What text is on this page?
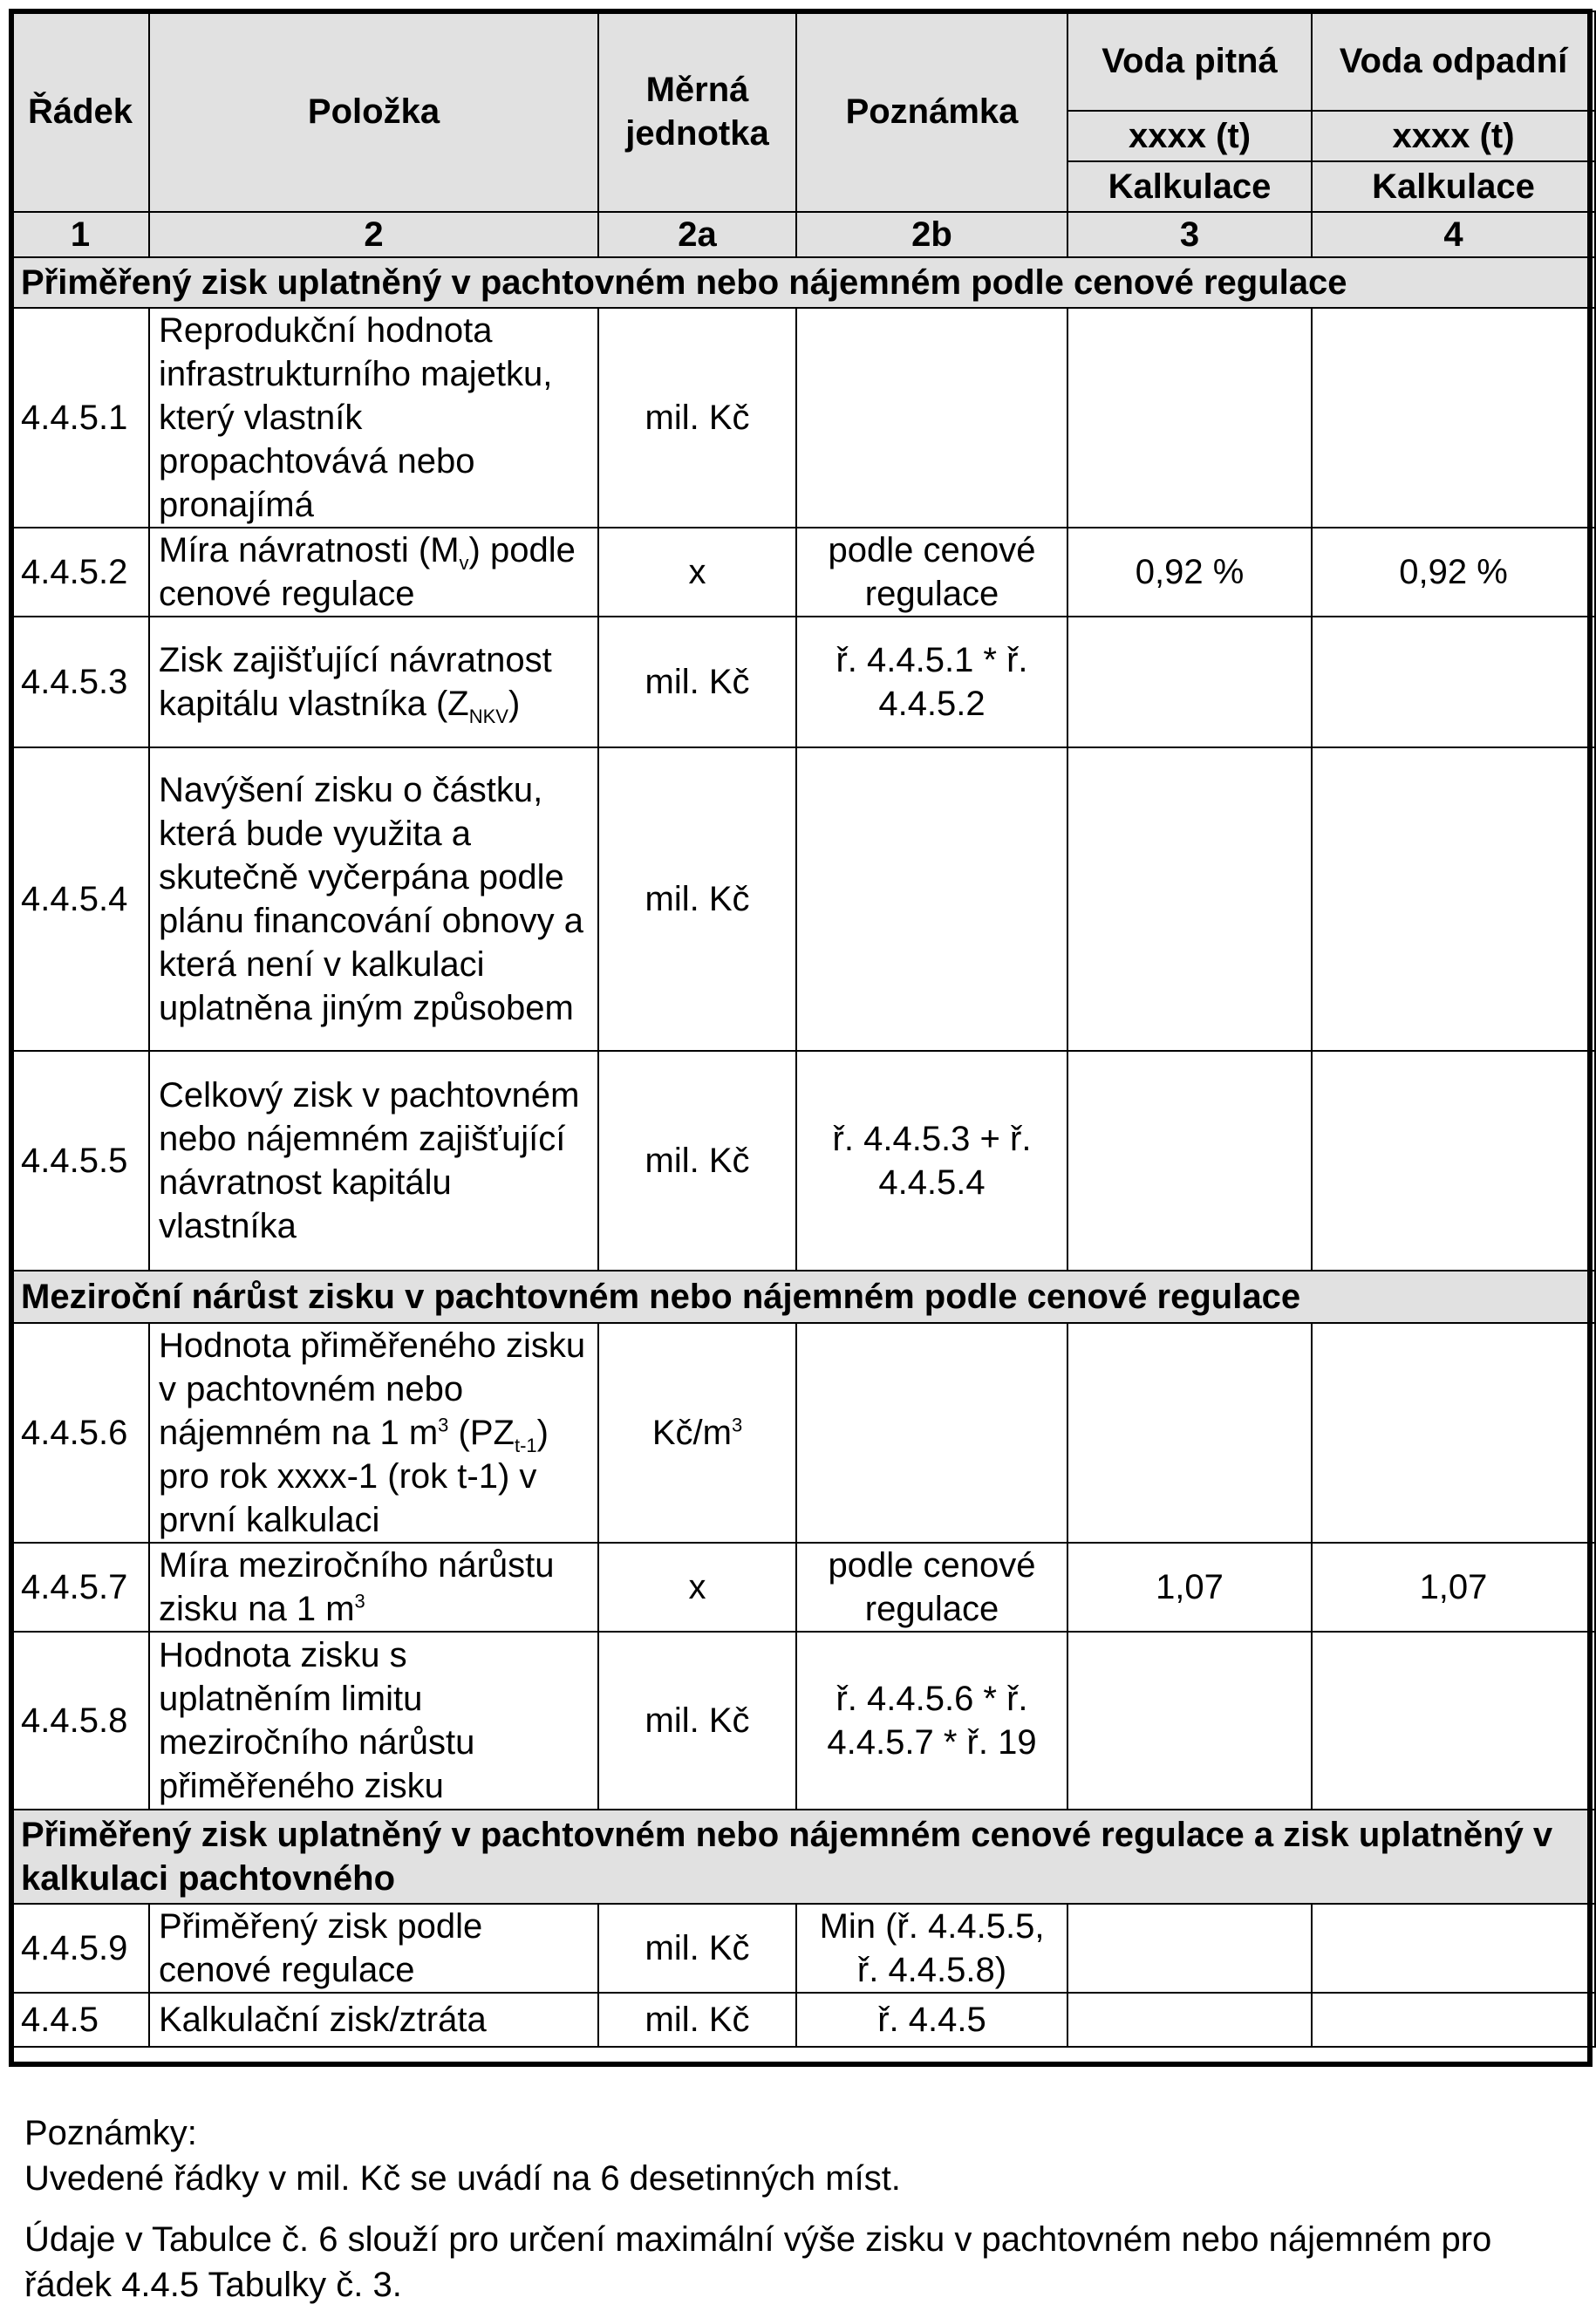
Řádek	Položka	Měrná jednotka	Poznámka	Voda pitná	Voda odpadní
				xxxx (t)	xxxx (t)
				Kalkulace	Kalkulace
1	2	2a	2b	3	4
Přiměřený zisk uplatněný v pachtovném nebo nájemném podle cenové regulace					
4.4.5.1	Reprodukční hodnota infrastrukturního majetku, který vlastník propachtovává nebo pronajímá	mil. Kč			
4.4.5.2	Míra návratnosti $(M_v)$ podle cenové regulace	x	podle cenové regulace	0,92 %	0,92 %
4.4.5.3	Zisk zajišťující návratnost kapitálu vlastníka $(Z_{NKV})$	mil. Kč	ř. 4.4.5.1 * ř. 4.4.5.2		
4.4.5.4	Navýšení zisku o částku, která bude využita a skutečně vyčerpána podle plánu financování obnovy a která není v kalkulaci uplatněna jiným způsobem	mil. Kč			
4.4.5.5	Celkový zisk v pachtovném nebo nájemném zajišťující návratnost kapitálu vlastníka	mil. Kč	ř. 4.4.5.3 + ř. 4.4.5.4		
Meziroční nárůst zisku v pachtovném nebo nájemném podle cenové regulace					
4.4.5.6	Hodnota přiměřeného zisku v pachtovném nebo nájemném na 1 $m^3$ $(PZ_{t-1})$ pro rok xxxx-1 (rok t-1) v první kalkulaci	$Kč/m^3$			
4.4.5.7	Míra meziročního nárůstu zisku na 1 $m^3$	x	podle cenové regulace	1,07	1,07
4.4.5.8	Hodnota zisku s uplatněním limitu meziročního nárůstu přiměřeného zisku	mil. Kč	ř. 4.4.5.6 * ř. 4.4.5.7 * ř. 19		
Přiměřený zisk uplatněný v pachtovném nebo nájemném cenové regulace a zisk uplatněný v kalkulaci pachtovného					
4.4.5.9	Přiměřený zisk podle cenové regulace	mil. Kč	Min (ř. 4.4.5.5, ř. 4.4.5.8)		
4.4.5	Kalkulační zisk/ztráta	mil. Kč	ř. 4.4.5		

Poznámky:

Uvedené řádky v mil. Kč se uvádí na 6 desetinných míst.

Údaje v Tabulce č. 6 slouží pro určení maximální výše zisku v pachtovném nebo nájemném pro řádek 4.4.5 Tabulky č. 3.
